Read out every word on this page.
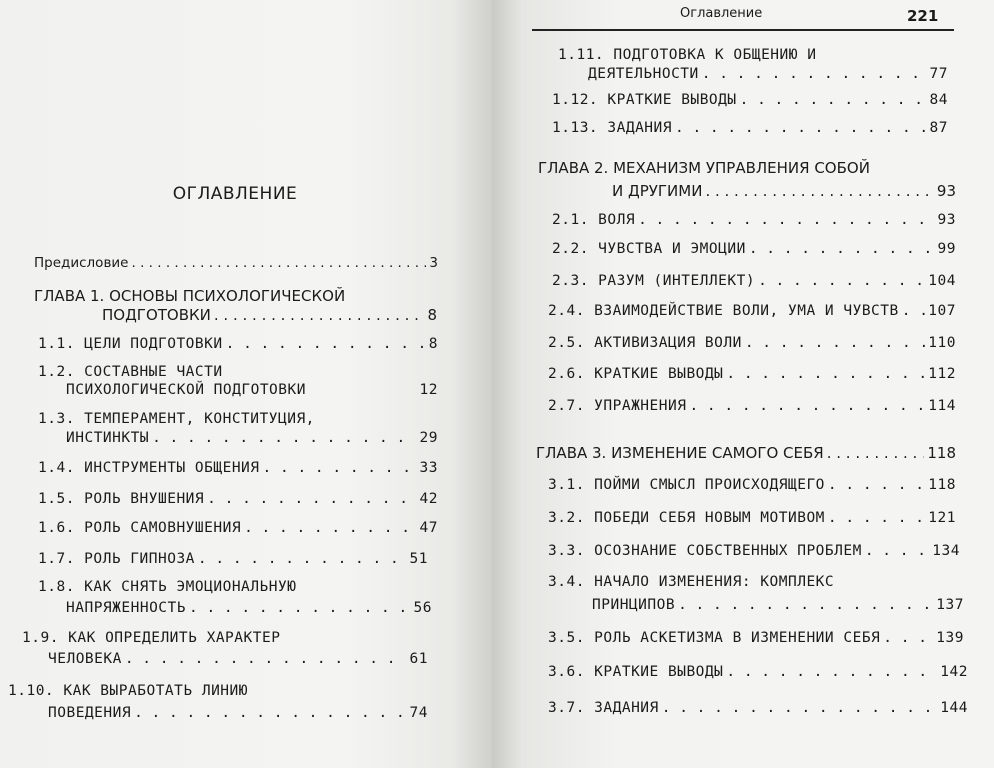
ОГЛАВЛЕНИЕ
Предисловие . . .	3
ГЛАВА 1. ОСНОВЫ ПСИХОЛОГИЧЕСКОЙ
ПОДГОТОВКИ . . .	8
1.1.
ЦЕЛИ ПОДГОТОВКИ . . .	8
1.2. СОСТАВНЫЕ ЧАСТИ
ПСИХОЛОГИЧЕСКОЙ ПОДГОТОВКИ	12
1.3. ТЕМПЕРАМЕНТ, КОНСТИТУЦИЯ,
ИНСТИНКТЫ . . .	29
1.4.
ИНСТРУМЕНТЫ ОБЩЕНИЯ . . .	33
1.5.
РОЛЬ ВНУШЕНИЯ . . .	42
1.6.
РОЛЬ САМОВНУШЕНИЯ . . .	47
1.7.
РОЛЬ ГИПНОЗА . . .	51
1.8. КАК СНЯТЬ ЭМОЦИОНАЛЬНУЮ
НАПРЯЖЕННОСТЬ . . .	56
1.9. КАК ОПРЕДЕЛИТЬ ХАРАКТЕР
ЧЕЛОВЕКА . . .	61
1.10. КАК ВЫРАБОТАТЬ ЛИНИЮ
ПОВЕДЕНИЯ . . .	74
Оглавление	221
1.11. ПОДГОТОВКА К ОБЩЕНИЮ И
ДЕЯТЕЛЬНОСТИ . . .	77
1.12.
КРАТКИЕ ВЫВОДЫ . . .	84
1.13.
ЗАДАНИЯ . . .	87
ГЛАВА 2. МЕХАНИЗМ УПРАВЛЕНИЯ СОБОЙ
И ДРУГИМИ . . .	93
2.1.
ВОЛЯ . . .	93
2.2.
ЧУВСТВА И ЭМОЦИИ . . .	99
2.3.
РАЗУМ (ИНТЕЛЛЕКТ) . . .	104
2.4.
ВЗАИМОДЕЙСТВИЕ ВОЛИ, УМА И ЧУВСТВ . . . 107
2.5.
АКТИВИЗАЦИЯ ВОЛИ . . .	110
2.6.
КРАТКИЕ ВЫВОДЫ . . .	112
2.7.
УПРАЖНЕНИЯ . . .	114
ГЛАВА 3. ИЗМЕНЕНИЕ САМОГО СЕБЯ . . .	118
3.1.
ПОЙМИ СМЫСЛ ПРОИСХОДЯЩЕГО . . .	118
3.2.
ПОБЕДИ СЕБЯ НОВЫМ МОТИВОМ . . .	121
3.3.
ОСОЗНАНИЕ СОБСТВЕННЫХ ПРОБЛЕМ . . .	134
3.4. НАЧАЛО ИЗМЕНЕНИЯ: КОМПЛЕКС
ПРИНЦИПОВ . . .	137
3.5.
РОЛЬ АСКЕТИЗМА В ИЗМЕНЕНИИ СЕБЯ . . .	139
3.6.
КРАТКИЕ ВЫВОДЫ . . .	142
3.7.
ЗАДАНИЯ . . .	144
